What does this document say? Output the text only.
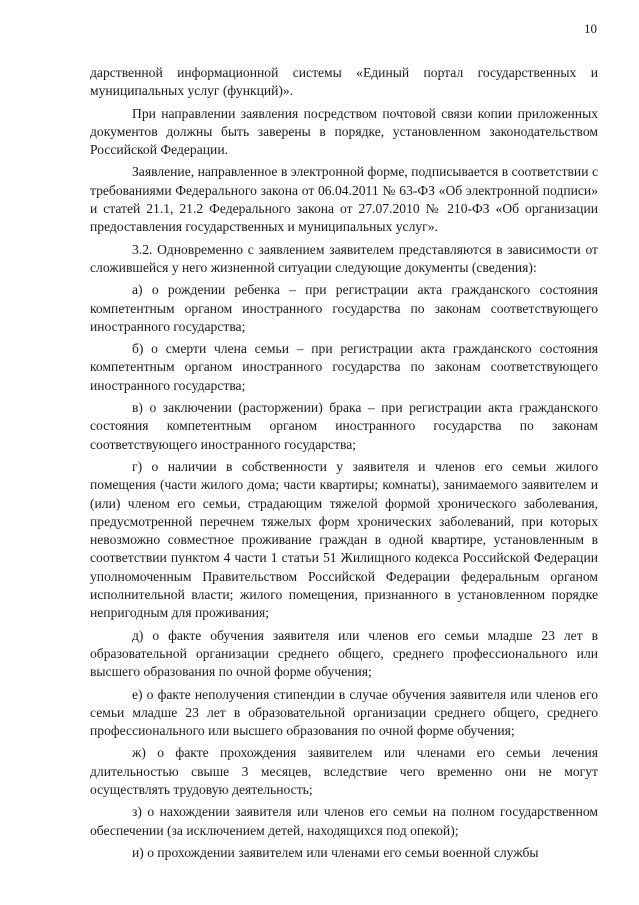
10

дарственной информационной системы «Единый портал государственных и муниципальных услуг (функций)».

При направлении заявления посредством почтовой связи копии приложенных документов должны быть заверены в порядке, установленном законодательством Российской Федерации.

Заявление, направленное в электронной форме, подписывается в соответствии с требованиями Федерального закона от 06.04.2011 № 63-ФЗ «Об электронной подписи» и статей 21.1, 21.2 Федерального закона от 27.07.2010 № 210-ФЗ «Об организации предоставления государственных и муниципальных услуг».

3.2. Одновременно с заявлением заявителем представляются в зависимости от сложившейся у него жизненной ситуации следующие документы (сведения):

а) о рождении ребенка – при регистрации акта гражданского состояния компетентным органом иностранного государства по законам соответствующего иностранного государства;

б) о смерти члена семьи – при регистрации акта гражданского состояния компетентным органом иностранного государства по законам соответствующего иностранного государства;

в) о заключении (расторжении) брака – при регистрации акта гражданского состояния компетентным органом иностранного государства по законам соответствующего иностранного государства;

г) о наличии в собственности у заявителя и членов его семьи жилого помещения (части жилого дома; части квартиры; комнаты), занимаемого заявителем и (или) членом его семьи, страдающим тяжелой формой хронического заболевания, предусмотренной перечнем тяжелых форм хронических заболеваний, при которых невозможно совместное проживание граждан в одной квартире, установленным в соответствии пунктом 4 части 1 статьи 51 Жилищного кодекса Российской Федерации уполномоченным Правительством Российской Федерации федеральным органом исполнительной власти; жилого помещения, признанного в установленном порядке непригодным для проживания;

д) о факте обучения заявителя или членов его семьи младше 23 лет в образовательной организации среднего общего, среднего профессионального или высшего образования по очной форме обучения;

е) о факте неполучения стипендии в случае обучения заявителя или членов его семьи младше 23 лет в образовательной организации среднего общего, среднего профессионального или высшего образования по очной форме обучения;

ж) о факте прохождения заявителем или членами его семьи лечения длительностью свыше 3 месяцев, вследствие чего временно они не могут осуществлять трудовую деятельность;

з) о нахождении заявителя или членов его семьи на полном государственном обеспечении (за исключением детей, находящихся под опекой);

и) о прохождении заявителем или членами его семьи военной службы
